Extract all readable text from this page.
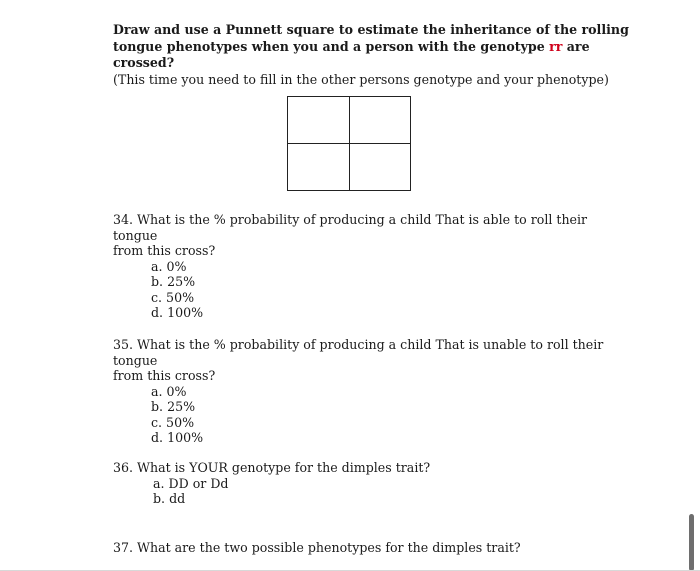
Draw and use a Punnett square to estimate the inheritance of the rolling
tongue phenotypes when you and a person with the genotype rr are crossed?
(This time you need to fill in the other persons genotype and your phenotype)
34. What is the % probability of producing a child That is able to roll their tongue
from this cross?
a. 0%
b. 25%
c. 50%
d. 100%
35. What is the % probability of producing a child That is unable to roll their tongue
from this cross?
a. 0%
b. 25%
c. 50%
d. 100%
36. What is YOUR genotype for the dimples trait?
a. DD or Dd
b. dd
37. What are the two possible phenotypes for the dimples trait?
